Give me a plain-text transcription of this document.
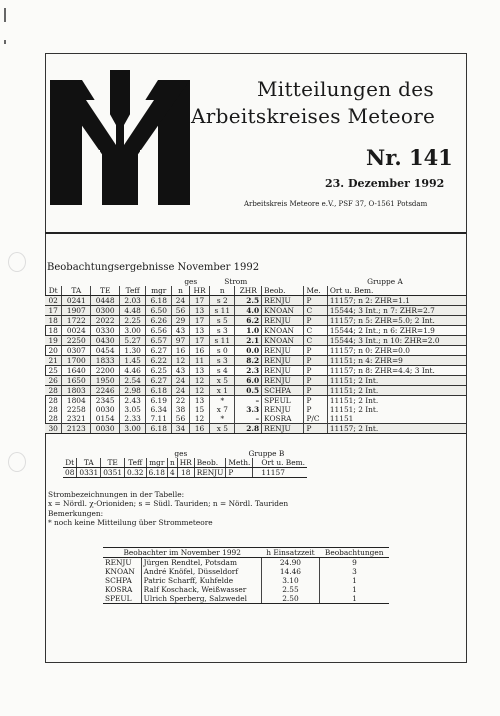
Mitteilungen des
Arbeitskreises Meteore
Nr. 141
23. Dezember 1992
Arbeitskreis Meteore e.V., PSF 37, O-1561 Potsdam
Beobachtungsergebnisse November 1992
					ges		Strom			Gruppe A	
Dt	TA	TE	Teff	mgr	n	HR	n	ZHR	Beob.	Me.	Ort u. Bem.
02	0241	0448	2.03	6.18	24	17	s 2	2.5	RENJU	P	11157; n 2: ZHR=1.1
17	1907	0300	4.48	6.50	56	13	s 11	4.0	KNOAN	C	15544; 3 Int.; n 7: ZHR=2.7
18	1722	2022	2.25	6.26	29	17	s 5	6.2	RENJU	P	11157; n 5: ZHR=5.0; 2 Int.
18	0024	0330	3.00	6.56	43	13	s 3	1.0	KNOAN	C	15544; 2 Int.; n 6: ZHR=1.9
19	2250	0430	5.27	6.57	97	17	s 11	2.1	KNOAN	C	15544; 3 Int.; n 10: ZHR=2.0
20	0307	0454	1.30	6.27	16	16	s 0	0.0	RENJU	P	11157; n 0: ZHR=0.0
21	1700	1833	1.45	6.22	12	11	s 3	8.2	RENJU	P	11151; n 4: ZHR=9
25	1640	2200	4.46	6.25	43	13	s 4	2.3	RENJU	P	11157; n 8: ZHR=4.4; 3 Int.
26	1650	1950	2.54	6.27	24	12	x 5	6.0	RENJU	P	11151; 2 Int.
28	1803	2246	2.98	6.18	24	12	x 1	0.5	SCHPA	P	11151; 2 Int.
28	1804	2345	2.43	6.19	22	13	*	–	SPEUL	P	11151; 2 Int.
28	2258	0030	3.05	6.34	38	15	x 7	3.3	RENJU	P	11151; 2 Int.
28	2321	0154	2.33	7.11	56	12	*	–	KOSRA	P/C	11151
30	2123	0030	3.00	6.18	34	16	x 5	2.8	RENJU	P	11157; 2 Int.
					ges			Gruppe B	
Dt	TA	TE	Teff	mgr	n	HR	Beob.	Meth.	Ort u. Bem.
08	0331	0351	0.32	6.18	4	18	RENJU	P	11157
Strombezeichnungen in der Tabelle:
x = Nördl. χ-Orioniden; s = Südl. Tauriden; n = Nördl. Tauriden
Bemerkungen:
* noch keine Mitteilung über Strommeteore
Beobachter im November 1992		h Einsatzzeit	Beobachtungen
RENJU	Jürgen Rendtel, Potsdam	24.90	9
KNOAN	André Knöfel, Düsseldorf	14.46	3
SCHPA	Patric Scharff, Kuhfelde	3.10	1
KOSRA	Ralf Koschack, Weißwasser	2.55	1
SPEUL	Ulrich Sperberg, Salzwedel	2.50	1
